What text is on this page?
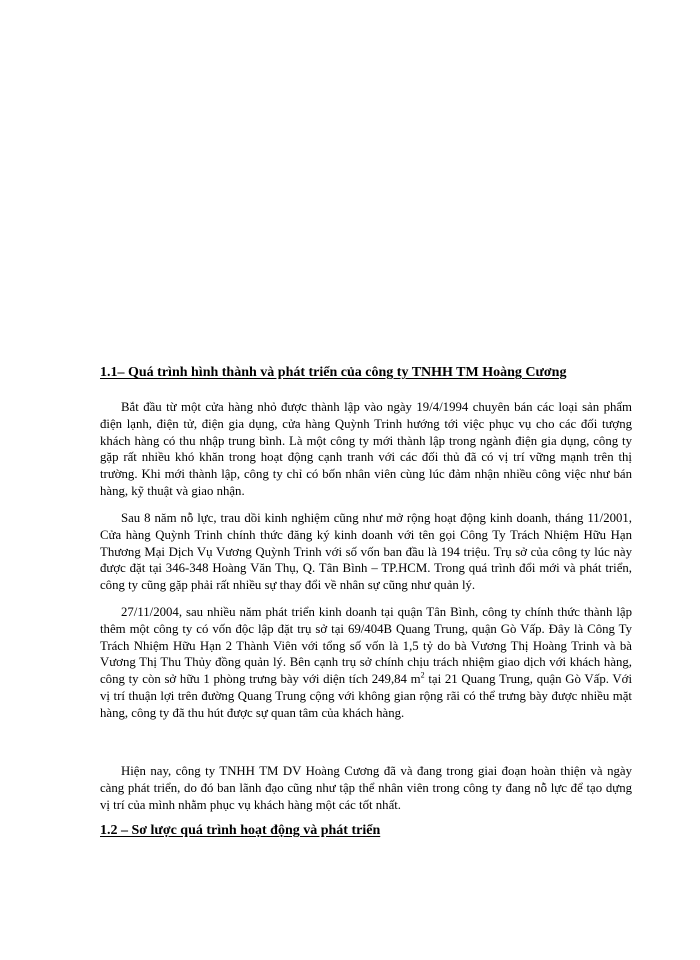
1.1– Quá trình hình thành và phát triển của công ty TNHH TM Hoàng Cương

Bắt đầu từ một cửa hàng nhỏ được thành lập vào ngày 19/4/1994 chuyên bán các loại sản phẩm điện lạnh, điện tử, điện gia dụng, cửa hàng Quỳnh Trinh hướng tới việc phục vụ cho các đối tượng khách hàng có thu nhập trung bình. Là một công ty mới thành lập trong ngành điện gia dụng, công ty gặp rất nhiều khó khăn trong hoạt động cạnh tranh với các đối thủ đã có vị trí vững mạnh trên thị trường. Khi mới thành lập, công ty chỉ có bốn nhân viên cùng lúc đảm nhận nhiều công việc như bán hàng, kỹ thuật và giao nhận.

Sau 8 năm nỗ lực, trau dồi kinh nghiệm cũng như mở rộng hoạt động kinh doanh, tháng 11/2001, Cửa hàng Quỳnh Trinh chính thức đăng ký kinh doanh với tên gọi Công Ty Trách Nhiệm Hữu Hạn Thương Mại Dịch Vụ Vương Quỳnh Trinh với số vốn ban đầu là 194 triệu. Trụ sở của công ty lúc này được đặt tại 346-348 Hoàng Văn Thụ, Q. Tân Bình – TP.HCM. Trong quá trình đổi mới và phát triển, công ty cũng gặp phải rất nhiều sự thay đổi về nhân sự cũng như quản lý.

27/11/2004, sau nhiều năm phát triển kinh doanh tại quận Tân Bình, công ty chính thức thành lập thêm một công ty có vốn độc lập đặt trụ sở tại 69/404B Quang Trung, quận Gò Vấp. Đây là Công Ty Trách Nhiệm Hữu Hạn 2 Thành Viên với tổng số vốn là 1,5 tỷ do bà Vương Thị Hoàng Trinh và bà Vương Thị Thu Thủy đồng quản lý. Bên cạnh trụ sở chính chịu trách nhiệm giao dịch với khách hàng, công ty còn sở hữu 1 phòng trưng bày với diện tích 249,84 $m^2$ tại 21 Quang Trung, quận Gò Vấp. Với vị trí thuận lợi trên đường Quang Trung cộng với không gian rộng rãi có thể trưng bày được nhiều mặt hàng, công ty đã thu hút được sự quan tâm của khách hàng.

Hiện nay, công ty TNHH TM DV Hoàng Cương đã và đang trong giai đoạn hoàn thiện và ngày càng phát triển, do đó ban lãnh đạo cũng như tập thể nhân viên trong công ty đang nỗ lực để tạo dựng vị trí của mình nhằm phục vụ khách hàng một các tốt nhất.

1.2 – Sơ lược quá trình hoạt động và phát triển
